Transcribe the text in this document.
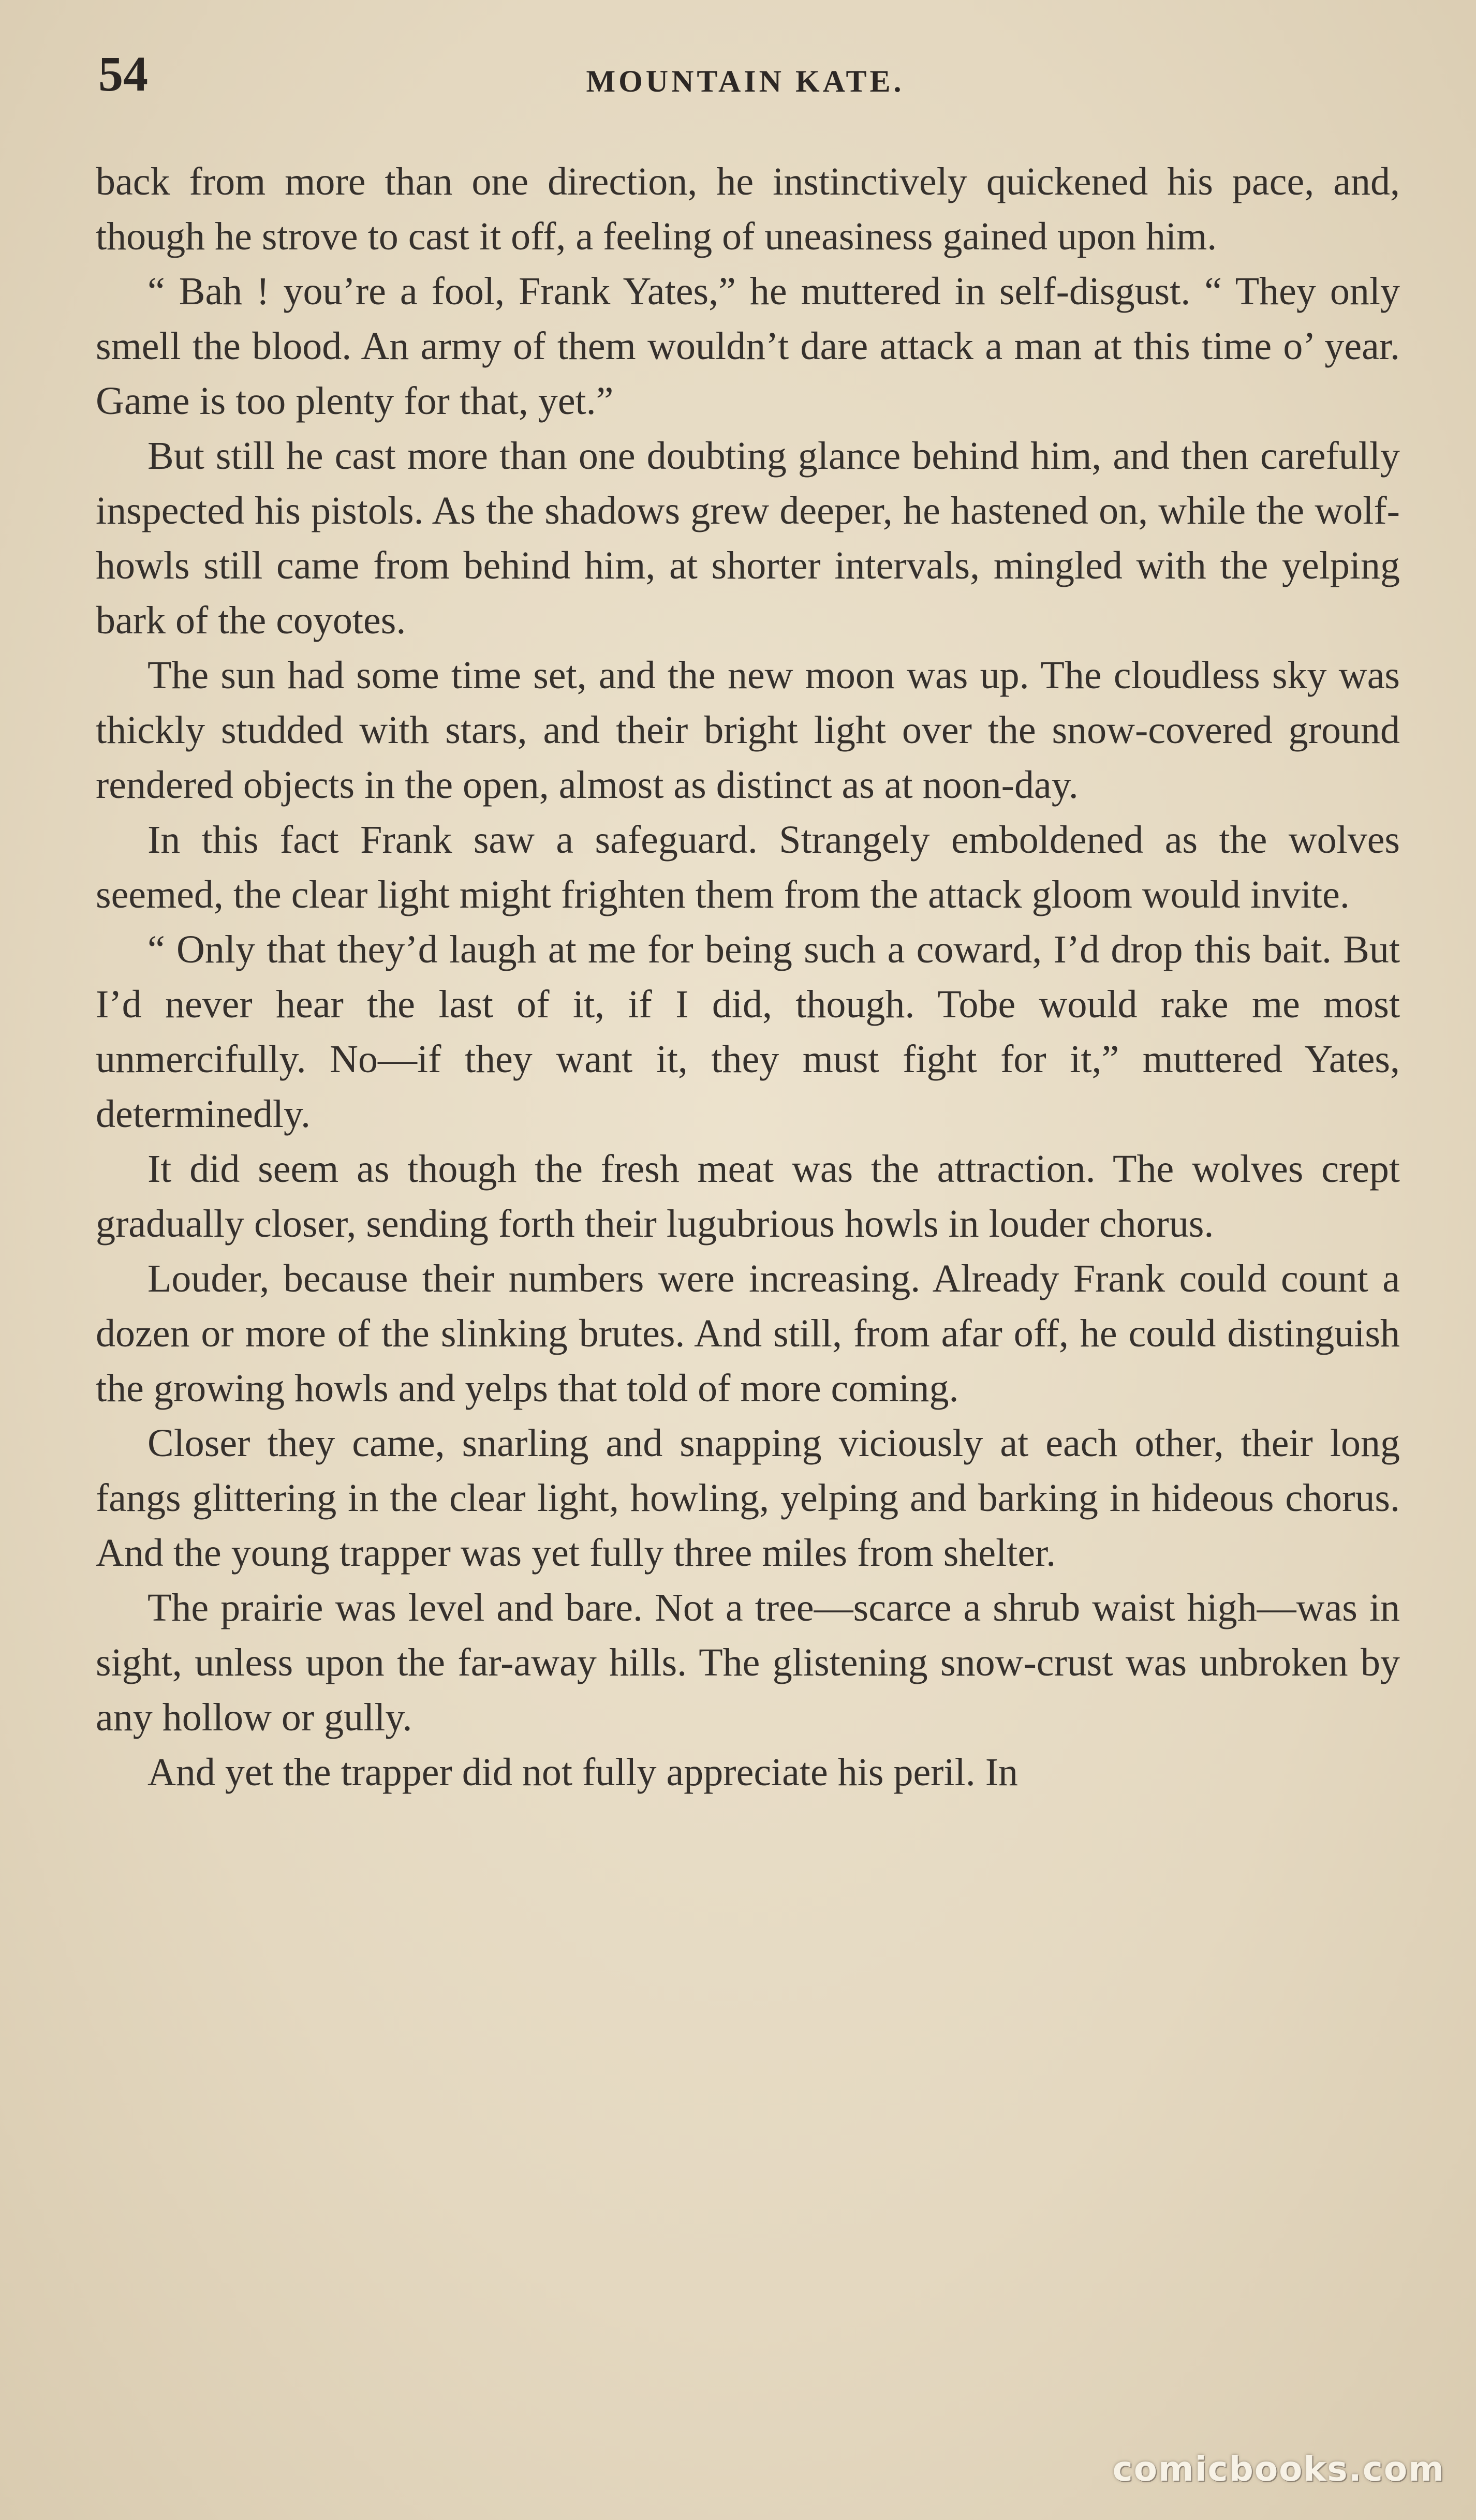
54	MOUNTAIN KATE.

back from more than one direction, he instinctively quickened his pace, and, though he strove to cast it off, a feeling of uneasiness gained upon him.

“ Bah ! you’re a fool, Frank Yates,” he muttered in self-disgust. “ They only smell the blood. An army of them wouldn’t dare attack a man at this time o’ year. Game is too plenty for that, yet.”

But still he cast more than one doubting glance behind him, and then carefully inspected his pistols. As the shadows grew deeper, he hastened on, while the wolf-howls still came from behind him, at shorter intervals, mingled with the yelping bark of the coyotes.

The sun had some time set, and the new moon was up. The cloudless sky was thickly studded with stars, and their bright light over the snow-covered ground rendered objects in the open, almost as distinct as at noon-day.

In this fact Frank saw a safeguard. Strangely emboldened as the wolves seemed, the clear light might frighten them from the attack gloom would invite.

“ Only that they’d laugh at me for being such a coward, I’d drop this bait. But I’d never hear the last of it, if I did, though. Tobe would rake me most unmercifully. No—if they want it, they must fight for it,” muttered Yates, determinedly.

It did seem as though the fresh meat was the attraction. The wolves crept gradually closer, sending forth their lugubrious howls in louder chorus.

Louder, because their numbers were increasing. Already Frank could count a dozen or more of the slinking brutes. And still, from afar off, he could distinguish the growing howls and yelps that told of more coming.

Closer they came, snarling and snapping viciously at each other, their long fangs glittering in the clear light, howling, yelping and barking in hideous chorus. And the young trapper was yet fully three miles from shelter.

The prairie was level and bare. Not a tree—scarce a shrub waist high—was in sight, unless upon the far-away hills. The glistening snow-crust was unbroken by any hollow or gully.

And yet the trapper did not fully appreciate his peril. In

comicbooks.com
